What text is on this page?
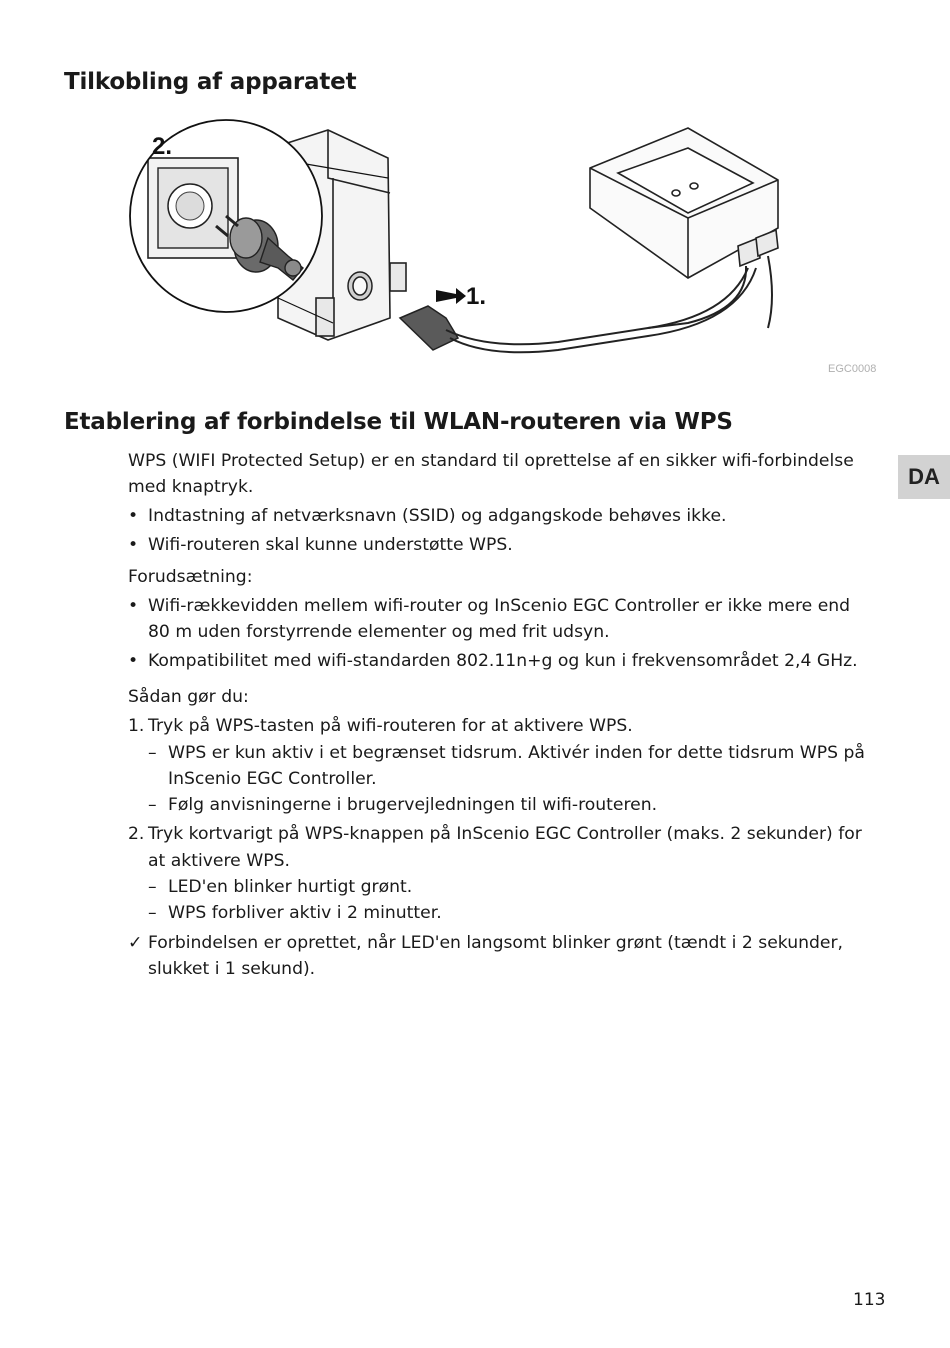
Tilkobling af apparatet
1.
2.
EGC0008
Etablering af forbindelse til WLAN-routeren via WPS
DA
WPS (WIFI Protected Setup) er en standard til oprettelse af en sikker wifi-forbindelse
med knaptryk.
• Indtastning af netværksnavn (SSID) og adgangskode behøves ikke.
• Wifi-routeren skal kunne understøtte WPS.
Forudsætning:
• Wifi-rækkevidden mellem wifi-router og InScenio EGC Controller er ikke mere end
80 m uden forstyrrende elementer og med frit udsyn.
• Kompatibilitet med wifi-standarden 802.11n+g og kun i frekvensområdet 2,4 GHz.
Sådan gør du:
1. Tryk på WPS-tasten på wifi-routeren for at aktivere WPS.
– WPS er kun aktiv i et begrænset tidsrum. Aktivér inden for dette tidsrum WPS på
InScenio EGC Controller.
– Følg anvisningerne i brugervejledningen til wifi-routeren.
2. Tryk kortvarigt på WPS-knappen på InScenio EGC Controller (maks. 2 sekunder) for
at aktivere WPS.
– LED'en blinker hurtigt grønt.
– WPS forbliver aktiv i 2 minutter.
✓ Forbindelsen er oprettet, når LED'en langsomt blinker grønt (tændt i 2 sekunder,
slukket i 1 sekund).
113
